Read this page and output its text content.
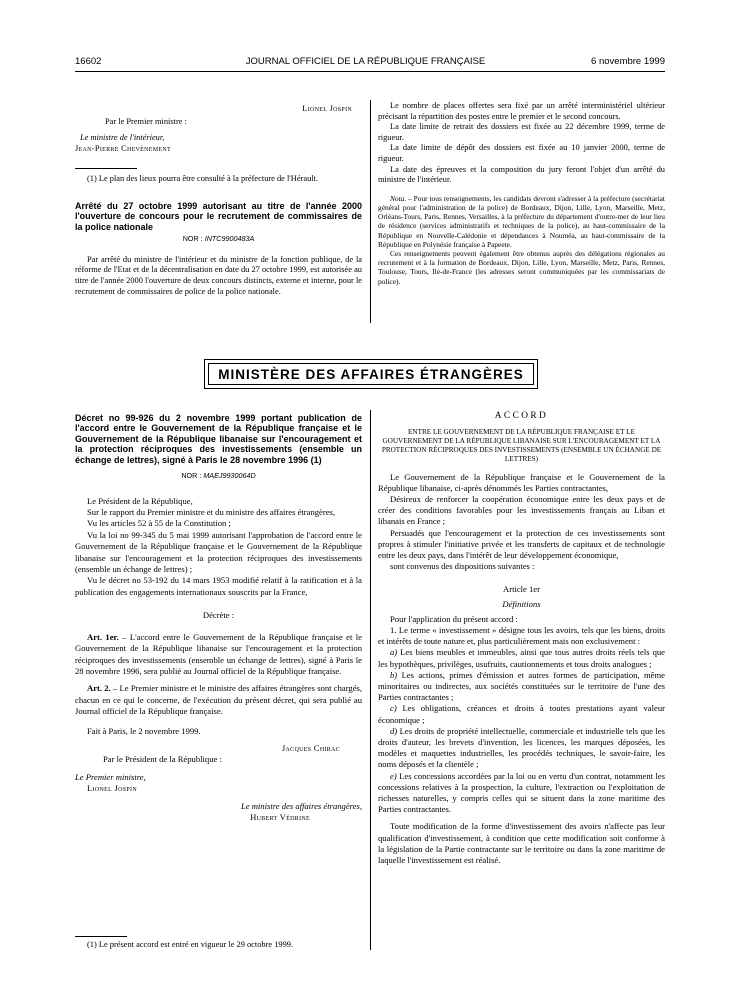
16602	JOURNAL OFFICIEL DE LA RÉPUBLIQUE FRANÇAISE	6 novembre 1999
Lionel Jospin
Par le Premier ministre :
Le ministre de l'intérieur,
Jean-Pierre Chevènement

(1) Le plan des lieux pourra être consulté à la préfecture de l'Hérault.

Arrêté du 27 octobre 1999 autorisant au titre de l'année 2000 l'ouverture de concours pour le recrutement de commissaires de la police nationale
NOR : INTC9900483A

Par arrêté du ministre de l'intérieur et du ministre de la fonction publique, de la réforme de l'Etat et de la décentralisation en date du 27 octobre 1999, est autorisée au titre de l'année 2000 l'ouverture de deux concours distincts, externe et interne, pour le recrutement de commissaires de police de la police nationale.

Le nombre de places offertes sera fixé par un arrêté interministériel ultérieur précisant la répartition des postes entre le premier et le second concours.

La date limite de retrait des dossiers est fixée au 22 décembre 1999, terme de rigueur.

La date limite de dépôt des dossiers est fixée au 10 janvier 2000, terme de rigueur.

La date des épreuves et la composition du jury feront l'objet d'un arrêté du ministre de l'intérieur.

Nota. – Pour tous renseignements, les candidats devront s'adresser à la préfecture (secrétariat général pour l'administration de la police) de Bordeaux, Dijon, Lille, Lyon, Marseille, Metz, Orléans-Tours, Paris, Rennes, Versailles, à la préfecture du département d'outre-mer de leur lieu de résidence (services administratifs et techniques de la police), au haut-commissaire de la République en Nouvelle-Calédonie et dépendances à Nouméa, au haut-commissaire de la République en Polynésie française à Papeete.

Ces renseignements peuvent également être obtenus auprès des délégations régionales au recrutement et à la formation de Bordeaux, Dijon, Lille, Lyon, Marseille, Metz, Paris, Rennes, Toulouse, Tours, Ile-de-France (les adresses seront communiquées par les commissariats de police).

MINISTÈRE DES AFFAIRES ÉTRANGÈRES
Décret no 99-926 du 2 novembre 1999 portant publication de l'accord entre le Gouvernement de la République française et le Gouvernement de la République libanaise sur l'encouragement et la protection réciproques des investissements (ensemble un échange de lettres), signé à Paris le 28 novembre 1996 (1)
NOR : MAEJ9930064D

Le Président de la République,

Sur le rapport du Premier ministre et du ministre des affaires étrangères,

Vu les articles 52 à 55 de la Constitution ;

Vu la loi no 99-345 du 5 mai 1999 autorisant l'approbation de l'accord entre le Gouvernement de la République française et le Gouvernement de la République libanaise sur l'encouragement et la protection réciproques des investissements (ensemble un échange de lettres) ;

Vu le décret no 53-192 du 14 mars 1953 modifié relatif à la ratification et à la publication des engagements internationaux souscrits par la France,

Décrète :

Art. 1er. – L'accord entre le Gouvernement de la République française et le Gouvernement de la République libanaise sur l'encouragement et la protection réciproques des investissements (ensemble un échange de lettres), signé à Paris le 28 novembre 1996, sera publié au Journal officiel de la République française.

Art. 2. – Le Premier ministre et le ministre des affaires étrangères sont chargés, chacun en ce qui le concerne, de l'exécution du présent décret, qui sera publié au Journal officiel de la République française.

Fait à Paris, le 2 novembre 1999.

Jacques Chirac
Par le Président de la République :
Le Premier ministre,
Lionel Jospin
Le ministre des affaires étrangères,
Hubert Védrine

(1) Le présent accord est entré en vigueur le 29 octobre 1999.

ACCORD
ENTRE LE GOUVERNEMENT DE LA RÉPUBLIQUE FRANÇAISE ET LE GOUVERNEMENT DE LA RÉPUBLIQUE LIBANAISE SUR L'ENCOURAGEMENT ET LA PROTECTION RÉCIPROQUES DES INVESTISSEMENTS (ENSEMBLE UN ÉCHANGE DE LETTRES)

Le Gouvernement de la République française et le Gouvernement de la République libanaise, ci-après dénommés les Parties contractantes,

Désireux de renforcer la coopération économique entre les deux pays et de créer des conditions favorables pour les investissements français au Liban et libanais en France ;

Persuadés que l'encouragement et la protection de ces investissements sont propres à stimuler l'initiative privée et les transferts de capitaux et de technologie entre les deux pays, dans l'intérêt de leur développement économique,

sont convenus des dispositions suivantes :

Article 1er
Définitions

Pour l'application du présent accord :

1. Le terme « investissement » désigne tous les avoirs, tels que les biens, droits et intérêts de toute nature et, plus particulièrement mais non exclusivement :

a) Les biens meubles et immeubles, ainsi que tous autres droits réels tels que les hypothèques, privilèges, usufruits, cautionnements et tous droits analogues ;

b) Les actions, primes d'émission et autres formes de participation, même minoritaires ou indirectes, aux sociétés constituées sur le territoire de l'une des Parties contractantes ;

c) Les obligations, créances et droits à toutes prestations ayant valeur économique ;

d) Les droits de propriété intellectuelle, commerciale et industrielle tels que les droits d'auteur, les brevets d'invention, les licences, les marques déposées, les modèles et maquettes industrielles, les procédés techniques, le savoir-faire, les noms déposés et la clientèle ;

e) Les concessions accordées par la loi ou en vertu d'un contrat, notamment les concessions relatives à la prospection, la culture, l'extraction ou l'exploitation de richesses naturelles, y compris celles qui se situent dans la zone maritime des Parties contractantes.

Toute modification de la forme d'investissement des avoirs n'affecte pas leur qualification d'investissement, à condition que cette modification soit conforme à la législation de la Partie contractante sur le territoire ou dans la zone maritime de laquelle l'investissement est réalisé.
